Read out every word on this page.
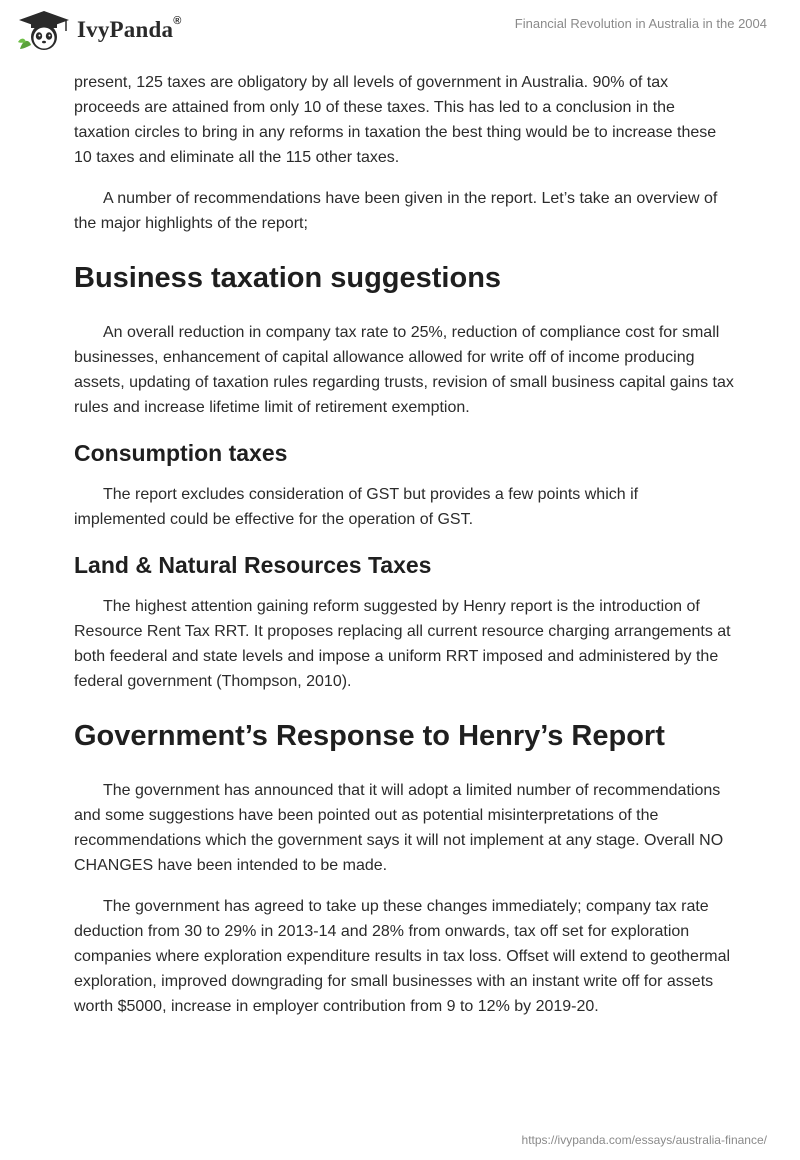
IvyPanda®	Financial Revolution in Australia in the 2004

present, 125 taxes are obligatory by all levels of government in Australia. 90% of tax proceeds are attained from only 10 of these taxes. This has led to a conclusion in the taxation circles to bring in any reforms in taxation the best thing would be to increase these 10 taxes and eliminate all the 115 other taxes.

A number of recommendations have been given in the report. Let’s take an overview of the major highlights of the report;

Business taxation suggestions

An overall reduction in company tax rate to 25%, reduction of compliance cost for small businesses, enhancement of capital allowance allowed for write off of income producing assets, updating of taxation rules regarding trusts, revision of small business capital gains tax rules and increase lifetime limit of retirement exemption.

Consumption taxes

The report excludes consideration of GST but provides a few points which if implemented could be effective for the operation of GST.

Land & Natural Resources Taxes

The highest attention gaining reform suggested by Henry report is the introduction of Resource Rent Tax RRT. It proposes replacing all current resource charging arrangements at both feederal and state levels and impose a uniform RRT imposed and administered by the federal government (Thompson, 2010).

Government’s Response to Henry’s Report

The government has announced that it will adopt a limited number of recommendations and some suggestions have been pointed out as potential misinterpretations of the recommendations which the government says it will not implement at any stage. Overall NO CHANGES have been intended to be made.

The government has agreed to take up these changes immediately; company tax rate deduction from 30 to 29% in 2013-14 and 28% from onwards, tax off set for exploration companies where exploration expenditure results in tax loss. Offset will extend to geothermal exploration, improved downgrading for small businesses with an instant write off for assets worth $5000, increase in employer contribution from 9 to 12% by 2019-20.

https://ivypanda.com/essays/australia-finance/
